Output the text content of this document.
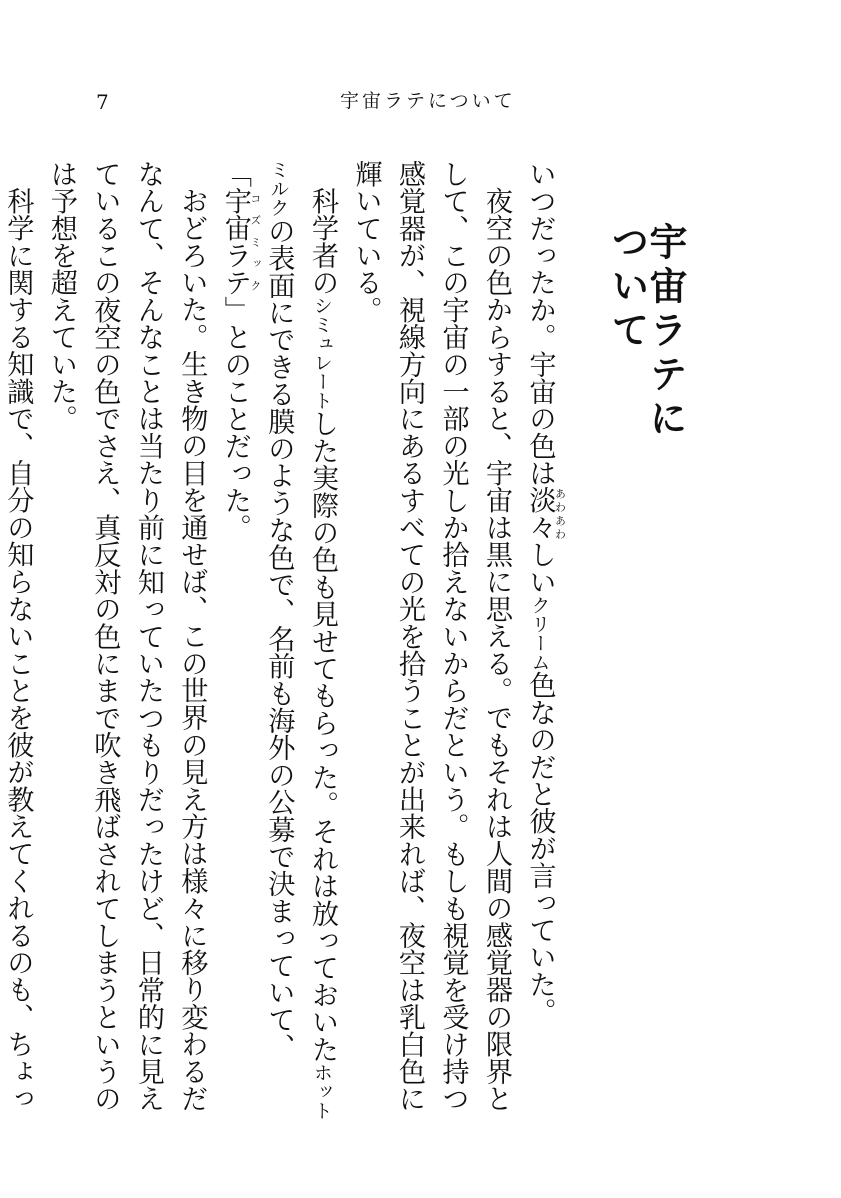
7	宇宙ラテについて
宇宙ラテについて

いつだったか。宇宙の色は淡々あわあわしいクリーム色なのだと彼が言っていた。

夜空の色からすると、宇宙は黒に思える。でもそれは人間の感覚器の限界として、この宇宙の一部の光しか拾えないからだという。もしも視覚を受け持つ感覚器が、視線方向にあるすべての光を拾うことが出来れば、夜空は乳白色に輝いている。

科学者のシミュレートした実際の色も見せてもらった。それは放っておいたホットミルクの表面にできる膜のような色で、名前も海外の公募で決まっていて、「宇宙ラテコズミック」とのことだった。

おどろいた。生き物の目を通せば、この世界の見え方は様々に移り変わるだなんて、そんなことは当たり前に知っていたつもりだったけど、日常的に見えているこの夜空の色でさえ、真反対の色にまで吹き飛ばされてしまうというのは予想を超えていた。

科学に関する知識で、自分の知らないことを彼が教えてくれるのも、ちょっ
